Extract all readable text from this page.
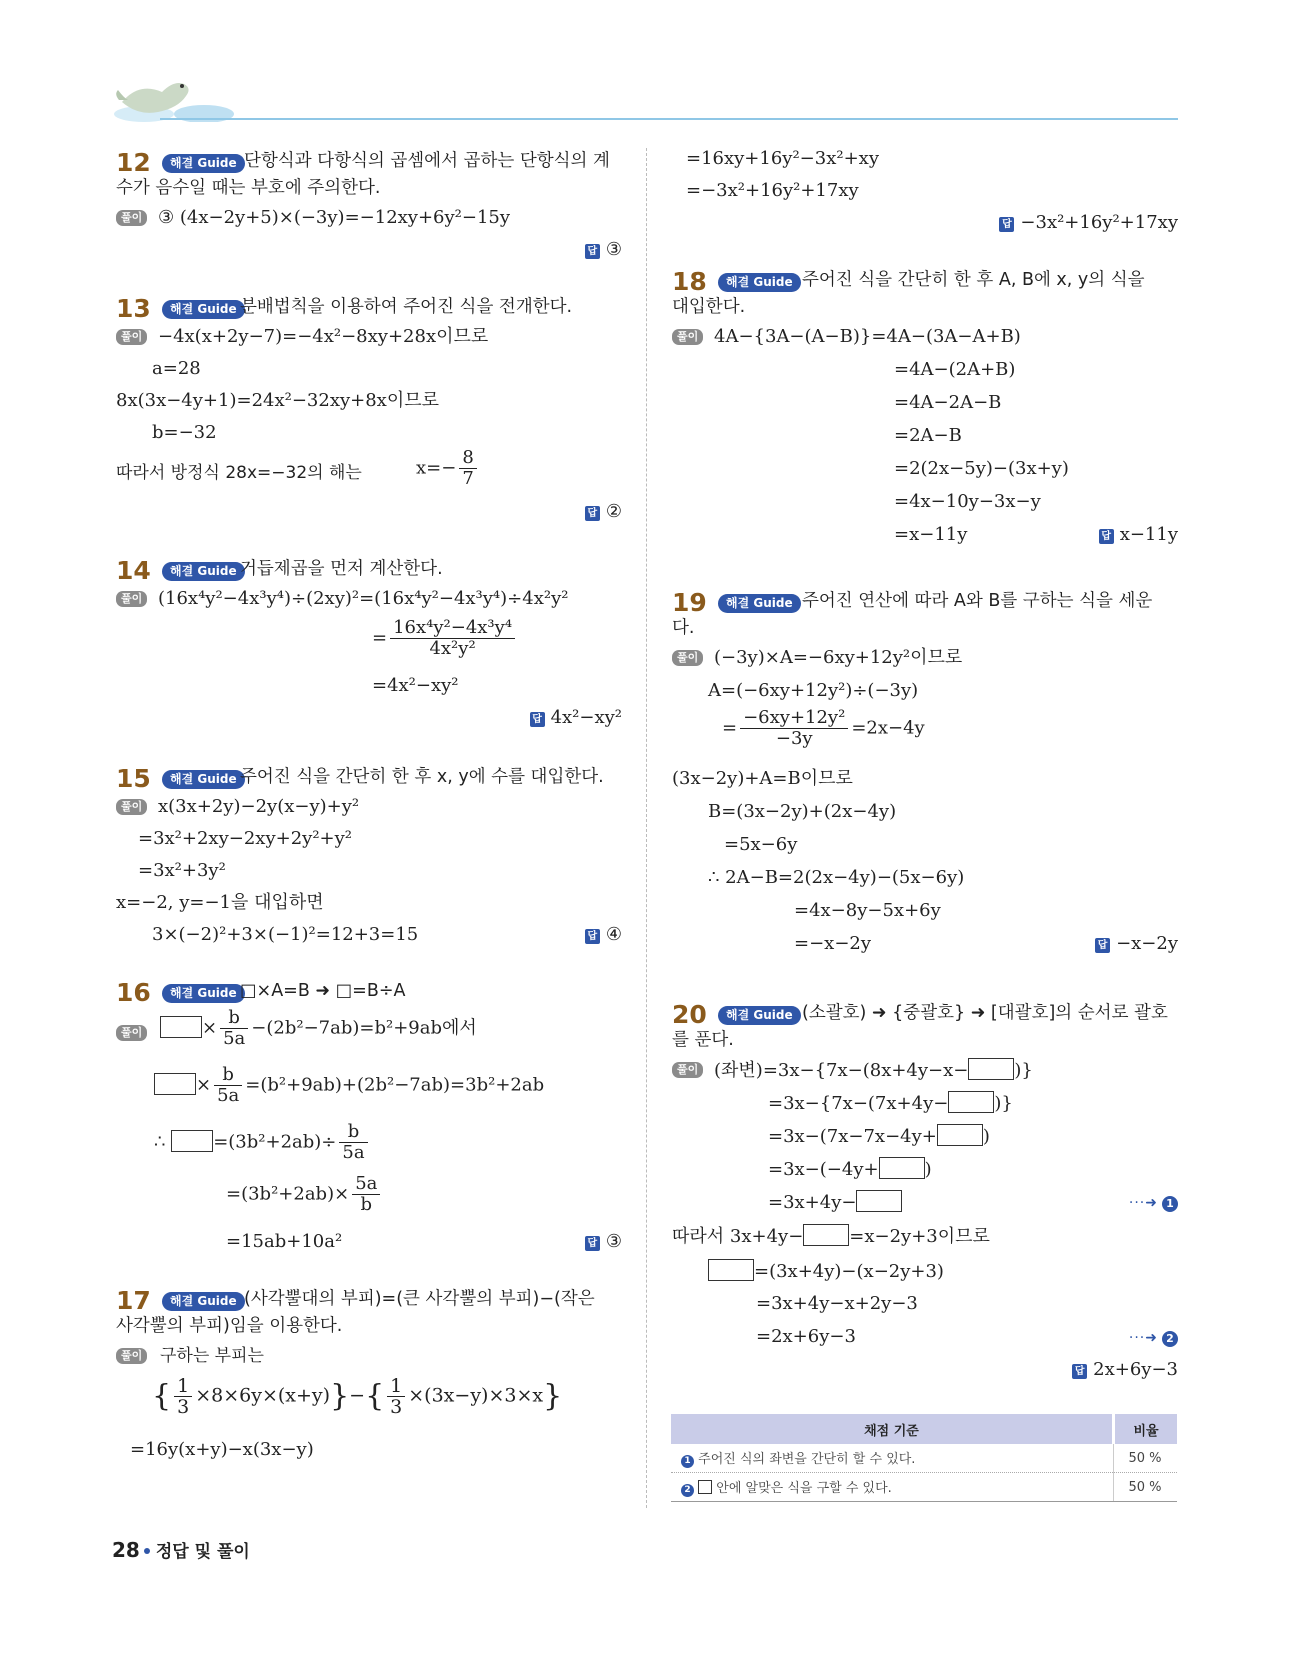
12	해결 Guide 단항식과 다항식의 곱셈에서 곱하는 단항식의 계
수가 음수일 때는 부호에 주의한다.
풀이 ③ (4x−2y+5)×(−3y)=−12xy+6y²−15y
답 ③
13	해결 Guide 분배법칙을 이용하여 주어진 식을 전개한다.
풀이 −4x(x+2y−7)=−4x²−8xy+28x이므로
a=28
8x(3x−4y+1)=24x²−32xy+8x이므로
b=−32
따라서 방정식 28x=−32의 해는	$x=- \frac{8}{7}$
답 ②
14	해결 Guide 거듭제곱을 먼저 계산한다.
풀이 (16x⁴y²−4x³y⁴)÷(2xy)²=(16x⁴y²−4x³y⁴)÷4x²y²
= $\frac{\text{16x⁴y²−4x³y⁴}}{\text{4x²y²}}$
=4x²−xy²
답 4x²−xy²
15	해결 Guide 주어진 식을 간단히 한 후 x, y에 수를 대입한다.
풀이 x(3x+2y)−2y(x−y)+y²
=3x²+2xy−2xy+2y²+y²
=3x²+3y²
x=−2, y=−1을 대입하면
3×(−2)²+3×(−1)²=12+3=15	답 ④
16	해결 Guide □×A=B ➜ □=B÷A
풀이	× $\frac{b}{5a} -(2b^2-7ab)=b^2+9ab$에서
× $\frac{b}{5a} =(b^2+9ab)+(2b^2-7ab)=3b^2+2ab$
∴	$=(3b^2+2ab)\div \frac{b}{5a}$
$=(3b^2+2ab)\times \frac{5a}{b}$
=15ab+10a²	답 ③
17	해결 Guide (사각뿔대의 부피)=(큰 사각뿔의 부피)−(작은
사각뿔의 부피)임을 이용한다.
풀이 구하는 부피는
{ $\frac{1}{3} \times 8\times 6y\times(x+y)\}-\{ \frac{1}{3} \times(3x-y)\times 3\times x\}$
=16y(x+y)−x(3x−y)
=16xy+16y²−3x²+xy
=−3x²+16y²+17xy
답 −3x²+16y²+17xy
18	해결 Guide 주어진 식을 간단히 한 후 A, B에 x, y의 식을
대입한다.
풀이 4A−{3A−(A−B)}=4A−(3A−A+B)
=4A−(2A+B)
=4A−2A−B
=2A−B
=2(2x−5y)−(3x+y)
=4x−10y−3x−y
=x−11y	답 x−11y
19	해결 Guide 주어진 연산에 따라 A와 B를 구하는 식을 세운
다.
풀이 (−3y)×A=−6xy+12y²이므로
A=(−6xy+12y²)÷(−3y)
= $\frac{\text{−6xy+12y²}}{-3y} =2x-4y$
(3x−2y)+A=B이므로
B=(3x−2y)+(2x−4y)
=5x−6y
∴ 2A−B=2(2x−4y)−(5x−6y)
=4x−8y−5x+6y
=−x−2y	답 −x−2y
20	해결 Guide (소괄호) ➜ {중괄호} ➜ [대괄호]의 순서로 괄호
를 푼다.
풀이 (좌변)=3x−{7x−(8x+4y−x−	)}
=3x−{7x−(7x+4y−	)}
=3x−(7x−7x−4y+	)
=3x−(−4y+	)
=3x+4y−	···➜ 1
따라서 3x+4y−	=x−2y+3이므로
=(3x+4y)−(x−2y+3)
=3x+4y−x+2y−3
=2x+6y−3	···➜ 2
답 2x+6y−3
채점 기준	비율
1 주어진 식의 좌변을 간단히 할 수 있다.	50 %
2 안에 알맞은 식을 구할 수 있다.	50 %
28 정답 및 풀이
